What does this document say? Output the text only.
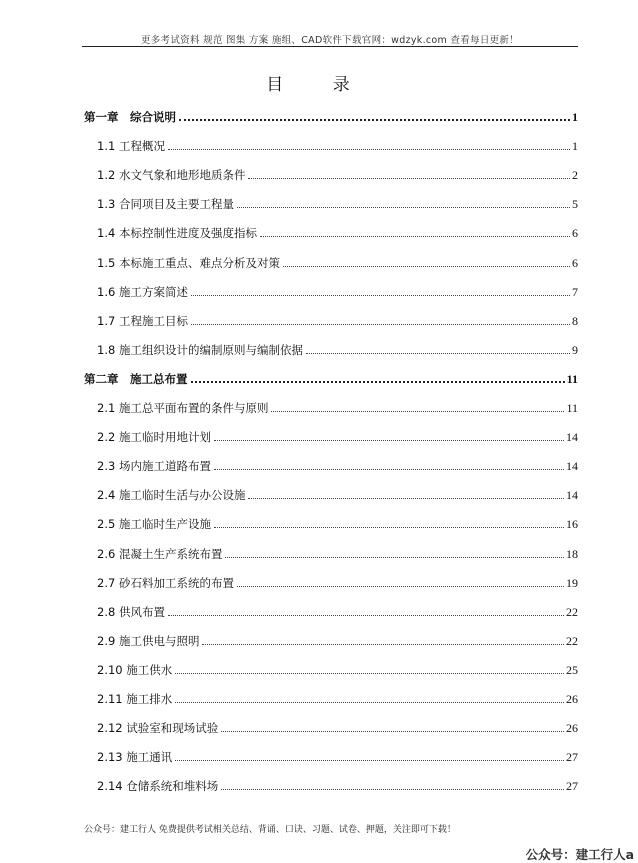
更多考试资料 规范 图集 方案 施组、CAD软件下载官网：wdzyk.com 查看每日更新！
目 录
第一章　综合说明	1
1.1 工程概况	1
1.2 水文气象和地形地质条件	2
1.3 合同项目及主要工程量	5
1.4 本标控制性进度及强度指标	6
1.5 本标施工重点、难点分析及对策	6
1.6 施工方案简述	7
1.7 工程施工目标	8
1.8 施工组织设计的编制原则与编制依据	9
第二章　施工总布置	11
2.1 施工总平面布置的条件与原则	11
2.2 施工临时用地计划	14
2.3 场内施工道路布置	14
2.4 施工临时生活与办公设施	14
2.5 施工临时生产设施	16
2.6 混凝土生产系统布置	18
2.7 砂石料加工系统的布置	19
2.8 供风布置	22
2.9 施工供电与照明	22
2.10 施工供水	25
2.11 施工排水	26
2.12 试验室和现场试验	26
2.13 施工通讯	27
2.14 仓储系统和堆料场	27
公众号：建工行人 免费提供考试相关总结、背诵、口诀、习题、试卷、押题，关注即可下载！
公众号：建工行人a
